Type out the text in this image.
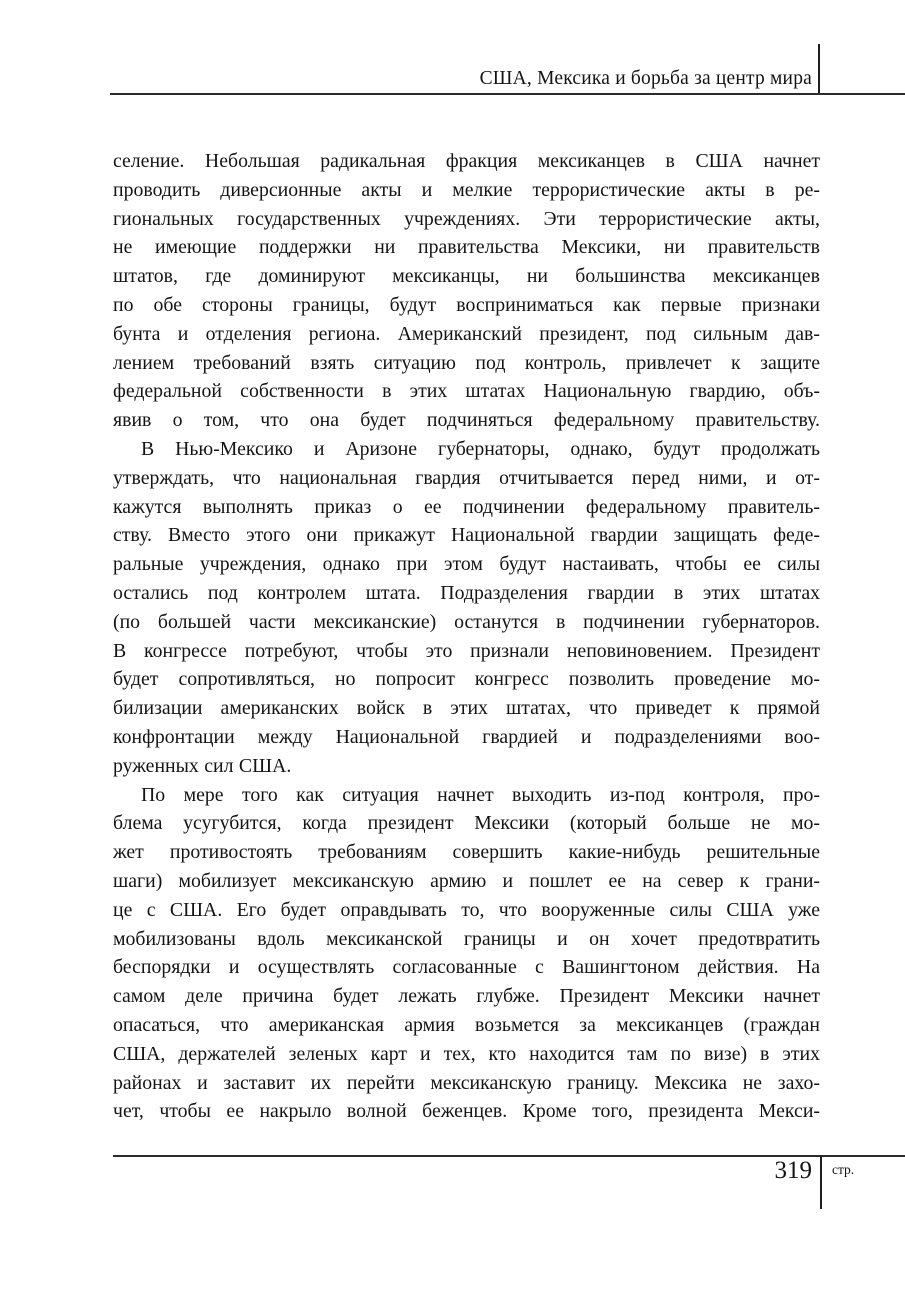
США, Мексика и борьба за центр мира
селение. Небольшая радикальная фракция мексиканцев в США начнет
проводить диверсионные акты и мелкие террористические акты в ре-
гиональных государственных учреждениях. Эти террористические акты,
не имеющие поддержки ни правительства Мексики, ни правительств
штатов, где доминируют мексиканцы, ни большинства мексиканцев
по обе стороны границы, будут восприниматься как первые признаки
бунта и отделения региона. Американский президент, под сильным дав-
лением требований взять ситуацию под контроль, привлечет к защите
федеральной собственности в этих штатах Национальную гвардию, объ-
явив о том, что она будет подчиняться федеральному правительству.
В Нью-Мексико и Аризоне губернаторы, однако, будут продолжать
утверждать, что национальная гвардия отчитывается перед ними, и от-
кажутся выполнять приказ о ее подчинении федеральному правитель-
ству. Вместо этого они прикажут Национальной гвардии защищать феде-
ральные учреждения, однако при этом будут настаивать, чтобы ее силы
остались под контролем штата. Подразделения гвардии в этих штатах
(по большей части мексиканские) останутся в подчинении губернаторов.
В конгрессе потребуют, чтобы это признали неповиновением. Президент
будет сопротивляться, но попросит конгресс позволить проведение мо-
билизации американских войск в этих штатах, что приведет к прямой
конфронтации между Национальной гвардией и подразделениями воо-
руженных сил США.
По мере того как ситуация начнет выходить из-под контроля, про-
блема усугубится, когда президент Мексики (который больше не мо-
жет противостоять требованиям совершить какие-нибудь решительные
шаги) мобилизует мексиканскую армию и пошлет ее на север к грани-
це с США. Его будет оправдывать то, что вооруженные силы США уже
мобилизованы вдоль мексиканской границы и он хочет предотвратить
беспорядки и осуществлять согласованные с Вашингтоном действия. На
самом деле причина будет лежать глубже. Президент Мексики начнет
опасаться, что американская армия возьмется за мексиканцев (граждан
США, держателей зеленых карт и тех, кто находится там по визе) в этих
районах и заставит их перейти мексиканскую границу. Мексика не захо-
чет, чтобы ее накрыло волной беженцев. Кроме того, президента Мекси-
319 стр.
